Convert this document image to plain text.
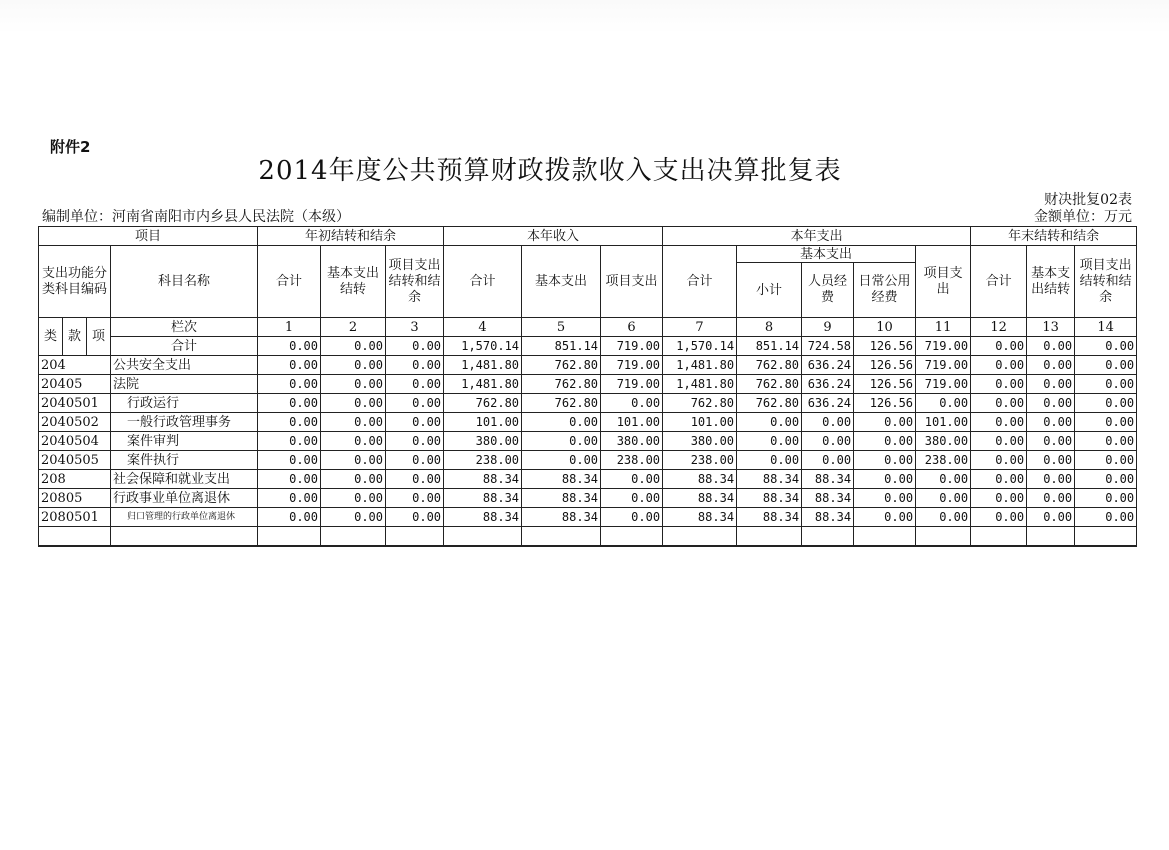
附件2
2014年度公共预算财政拨款收入支出决算批复表
财决批复02表
编制单位：河南省南阳市内乡县人民法院（本级）	金额单位：万元
项目				年初结转和结余			本年收入			本年支出					年末结转和结余		
支出功能分类科目编码			科目名称	合计	基本支出结转	项目支出结转和结余	合计	基本支出	项目支出	合计	基本支出			项目支出	合计	基本支出结转	项目支出结转和结余
											小计	人员经费	日常公用经费				
类	款	项	栏次	1	2	3	4	5	6	7	8	9	10	11	12	13	14
			合计	0.00	0.00	0.00	1,570.14	851.14	719.00	1,570.14	851.14	724.58	126.56	719.00	0.00	0.00	0.00
204			公共安全支出	0.00	0.00	0.00	1,481.80	762.80	719.00	1,481.80	762.80	636.24	126.56	719.00	0.00	0.00	0.00
20405			法院	0.00	0.00	0.00	1,481.80	762.80	719.00	1,481.80	762.80	636.24	126.56	719.00	0.00	0.00	0.00
2040501			行政运行	0.00	0.00	0.00	762.80	762.80	0.00	762.80	762.80	636.24	126.56	0.00	0.00	0.00	0.00
2040502			一般行政管理事务	0.00	0.00	0.00	101.00	0.00	101.00	101.00	0.00	0.00	0.00	101.00	0.00	0.00	0.00
2040504			案件审判	0.00	0.00	0.00	380.00	0.00	380.00	380.00	0.00	0.00	0.00	380.00	0.00	0.00	0.00
2040505			案件执行	0.00	0.00	0.00	238.00	0.00	238.00	238.00	0.00	0.00	0.00	238.00	0.00	0.00	0.00
208			社会保障和就业支出	0.00	0.00	0.00	88.34	88.34	0.00	88.34	88.34	88.34	0.00	0.00	0.00	0.00	0.00
20805			行政事业单位离退休	0.00	0.00	0.00	88.34	88.34	0.00	88.34	88.34	88.34	0.00	0.00	0.00	0.00	0.00
2080501			归口管理的行政单位离退休	0.00	0.00	0.00	88.34	88.34	0.00	88.34	88.34	88.34	0.00	0.00	0.00	0.00	0.00
